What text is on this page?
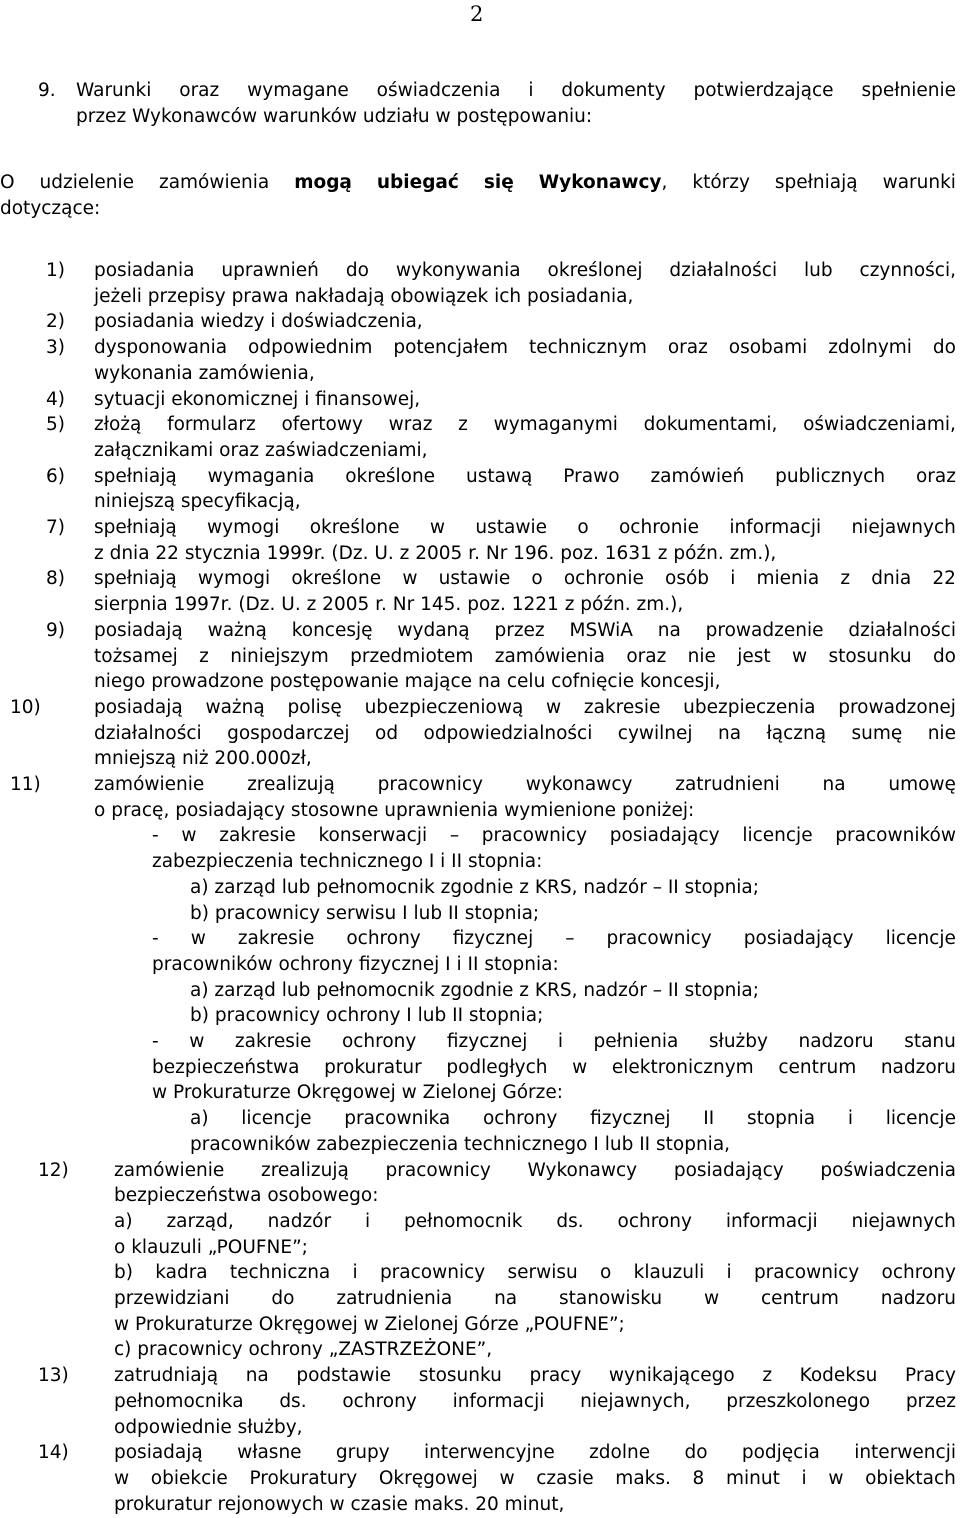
2
9. Warunki oraz wymagane oświadczenia i dokumenty potwierdzające spełnienie
przez Wykonawców warunków udziału w postępowaniu:
O udzielenie zamówienia mogą ubiegać się Wykonawcy, którzy spełniają warunki
dotyczące:
1) posiadania uprawnień do wykonywania określonej działalności lub czynności,
jeżeli przepisy prawa nakładają obowiązek ich posiadania,
2) posiadania wiedzy i doświadczenia,
3) dysponowania odpowiednim potencjałem technicznym oraz osobami zdolnymi do
wykonania zamówienia,
4) sytuacji ekonomicznej i finansowej,
5) złożą formularz ofertowy wraz z wymaganymi dokumentami, oświadczeniami,
załącznikami oraz zaświadczeniami,
6) spełniają wymagania określone ustawą Prawo zamówień publicznych oraz
niniejszą specyfikacją,
7) spełniają wymogi określone w ustawie o ochronie informacji niejawnych
z dnia 22 stycznia 1999r. (Dz. U. z 2005 r. Nr 196. poz. 1631 z późn. zm.),
8) spełniają wymogi określone w ustawie o ochronie osób i mienia z dnia 22
sierpnia 1997r. (Dz. U. z 2005 r. Nr 145. poz. 1221 z późn. zm.),
9) posiadają ważną koncesję wydaną przez MSWiA na prowadzenie działalności
tożsamej z niniejszym przedmiotem zamówienia oraz nie jest w stosunku do
niego prowadzone postępowanie mające na celu cofnięcie koncesji,
10)	posiadają ważną polisę ubezpieczeniową w zakresie ubezpieczenia prowadzonej
działalności gospodarczej od odpowiedzialności cywilnej na łączną sumę nie
mniejszą niż 200.000zł,
11)	zamówienie zrealizują pracownicy wykonawcy zatrudnieni na umowę
o pracę, posiadający stosowne uprawnienia wymienione poniżej:
- w zakresie konserwacji – pracownicy posiadający licencje pracowników
zabezpieczenia technicznego I i II stopnia:
a) zarząd lub pełnomocnik zgodnie z KRS, nadzór – II stopnia;
b) pracownicy serwisu I lub II stopnia;
- w zakresie ochrony fizycznej – pracownicy posiadający licencje
pracowników ochrony fizycznej I i II stopnia:
a) zarząd lub pełnomocnik zgodnie z KRS, nadzór – II stopnia;
b) pracownicy ochrony I lub II stopnia;
- w zakresie ochrony fizycznej i pełnienia służby nadzoru stanu
bezpieczeństwa prokuratur podległych w elektronicznym centrum nadzoru
w Prokuraturze Okręgowej w Zielonej Górze:
a) licencje pracownika ochrony fizycznej II stopnia i licencje
pracowników zabezpieczenia technicznego I lub II stopnia,
12) zamówienie zrealizują pracownicy Wykonawcy posiadający poświadczenia
bezpieczeństwa osobowego:
a) zarząd, nadzór i pełnomocnik ds. ochrony informacji niejawnych
o klauzuli „POUFNE”;
b) kadra techniczna i pracownicy serwisu o klauzuli i pracownicy ochrony
przewidziani do zatrudnienia na stanowisku w centrum nadzoru
w Prokuraturze Okręgowej w Zielonej Górze „POUFNE”;
c) pracownicy ochrony „ZASTRZEŻONE”,
13) zatrudniają na podstawie stosunku pracy wynikającego z Kodeksu Pracy
pełnomocnika ds. ochrony informacji niejawnych, przeszkolonego przez
odpowiednie służby,
14) posiadają własne grupy interwencyjne zdolne do podjęcia interwencji
w obiekcie Prokuratury Okręgowej w czasie maks. 8 minut i w obiektach
prokuratur rejonowych w czasie maks. 20 minut,
